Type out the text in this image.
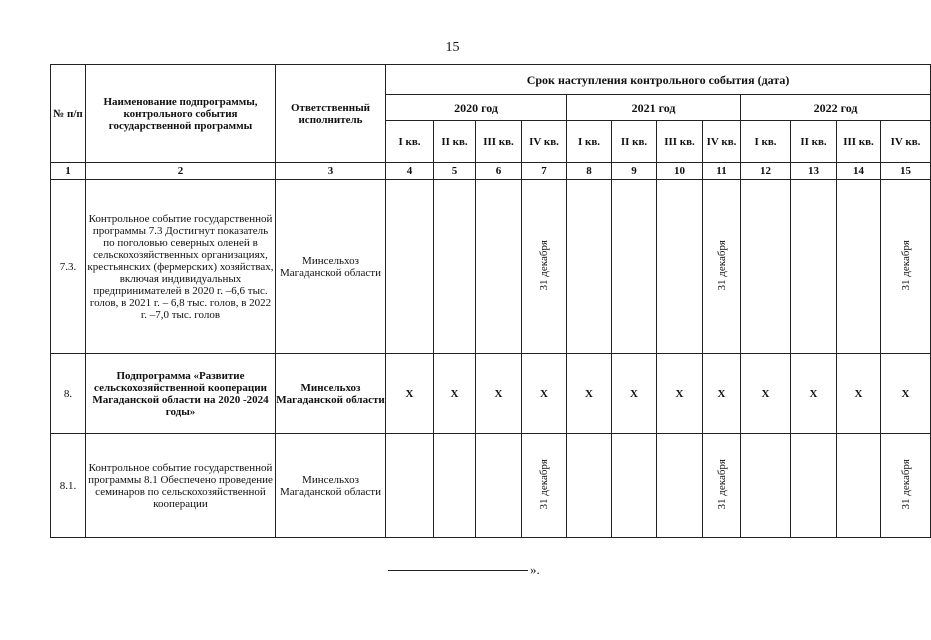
15
№ п/п	Наименование подпрограммы, контрольного события государственной программы	Ответственный исполнитель	Срок наступления контрольного события (дата)											
			2020 год				2021 год				2022 год			
			I кв.	II кв.	III кв.	IV кв.	I кв.	II кв.	III кв.	IV кв.	I кв.	II кв.	III кв.	IV кв.
1	2	3	4	5	6	7	8	9	10	11	12	13	14	15
7.3.	Контрольное событие государственной программы 7.3 Достигнут показатель по поголовью северных оленей в сельскохозяйственных организациях, крестьянских (фермерских) хозяйствах, включая индивидуальных предпринимателей в 2020 г. –6,6 тыс. голов, в 2021 г. – 6,8 тыс. голов, в 2022 г. –7,0 тыс. голов	Минсельхоз Магаданской области				31 декабря				31 декабря				31 декабря
8.	Подпрограмма «Развитие сельскохозяйственной кооперации Магаданской области на 2020 -2024 годы»	Минсельхоз Магаданской области	Х	Х	Х	Х	Х	Х	Х	Х	Х	Х	Х	Х
8.1.	Контрольное событие государственной программы 8.1 Обеспечено проведение семинаров по сельскохозяйственной кооперации	Минсельхоз Магаданской области				31 декабря				31 декабря				31 декабря
».
